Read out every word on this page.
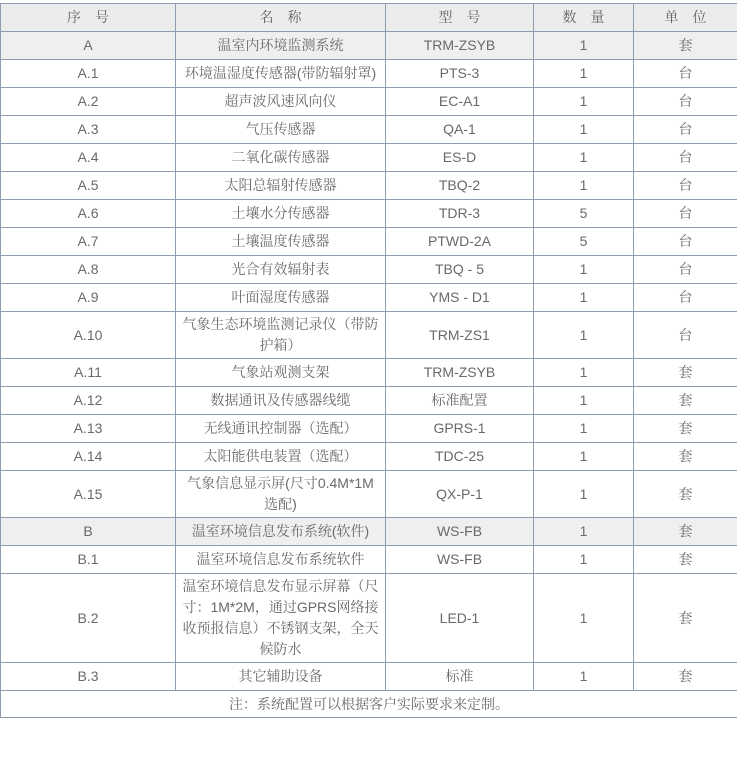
序　号	名　称	型　号	数　量	单　位
A	温室内环境监测系统	TRM-ZSYB	1	套
A.1	环境温湿度传感器(带防辐射罩)	PTS-3	1	台
A.2	超声波风速风向仪	EC-A1	1	台
A.3	气压传感器	QA-1	1	台
A.4	二氧化碳传感器	ES-D	1	台
A.5	太阳总辐射传感器	TBQ-2	1	台
A.6	土壤水分传感器	TDR-3	5	台
A.7	土壤温度传感器	PTWD-2A	5	台
A.8	光合有效辐射表	TBQ - 5	1	台
A.9	叶面湿度传感器	YMS - D1	1	台
A.10	气象生态环境监测记录仪（带防护箱）	TRM-ZS1	1	台
A.11	气象站观测支架	TRM-ZSYB	1	套
A.12	数据通讯及传感器线缆	标准配置	1	套
A.13	无线通讯控制器（选配）	GPRS-1	1	套
A.14	太阳能供电装置（选配）	TDC-25	1	套
A.15	气象信息显示屏(尺寸0.4M*1M 选配)	QX-P-1	1	套
B	温室环境信息发布系统(软件)	WS-FB	1	套
B.1	温室环境信息发布系统软件	WS-FB	1	套
B.2	温室环境信息发布显示屏幕（尺寸：1M*2M，通过GPRS网络接收预报信息）不锈钢支架，全天候防水	LED-1	1	套
B.3	其它辅助设备	标准	1	套
注：系统配置可以根据客户实际要求来定制。				
